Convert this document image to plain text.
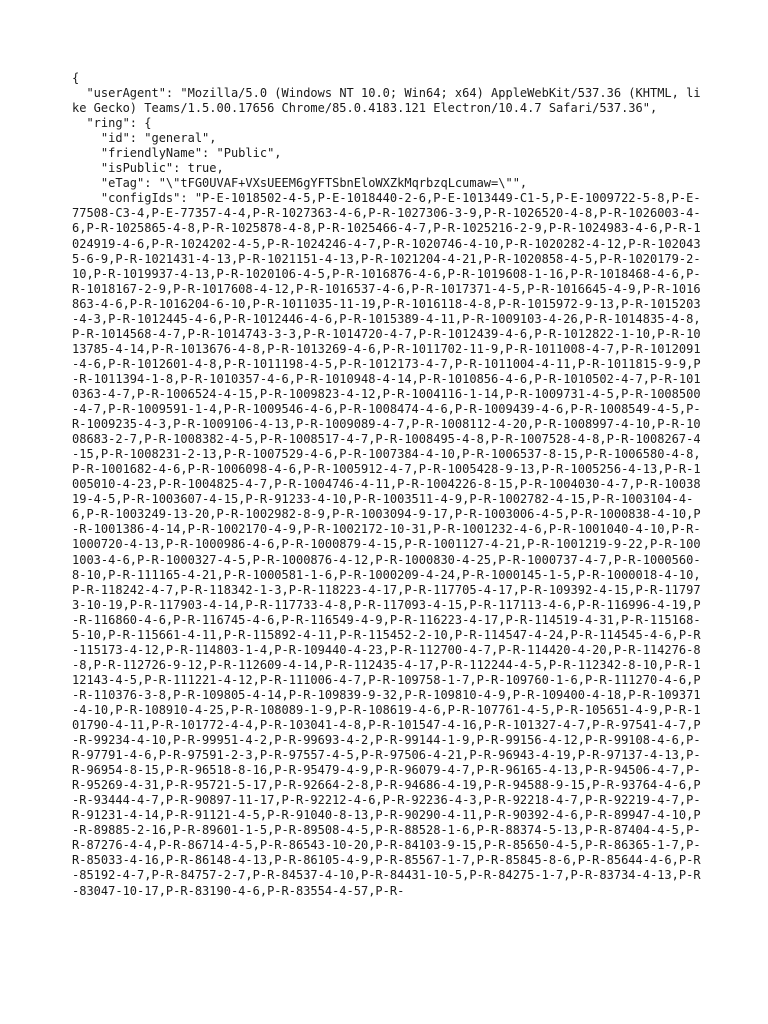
{
"userAgent": "Mozilla/5.0 (Windows NT 10.0; Win64; x64) AppleWebKit/537.36 (KHTML, like Gecko) Teams/1.5.00.17656 Chrome/85.0.4183.121 Electron/10.4.7 Safari/537.36",
"ring": {
"id": "general",
"friendlyName": "Public",
"isPublic": true,
"eTag": "\"tFG0UVAF+VXsUEEM6gYFTSbnEloWXZkMqrbzqLcumaw=\"",
"configIds": "P-E-1018502-4-5,P-E-1018440-2-6,P-E-1013449-C1-5,P-E-1009722-5-8,P-E-77508-C3-4,P-E-77357-4-4,P-R-1027363-4-6,P-R-1027306-3-9,P-R-1026520-4-8,P-R-1026003-4-6,P-R-1025865-4-8,P-R-1025878-4-8,P-R-1025466-4-7,P-R-1025216-2-9,P-R-1024983-4-6,P-R-1024919-4-6,P-R-1024202-4-5,P-R-1024246-4-7,P-R-1020746-4-10,P-R-1020282-4-12,P-R-1020435-6-9,P-R-1021431-4-13,P-R-1021151-4-13,P-R-1021204-4-21,P-R-1020858-4-5,P-R-1020179-2-10,P-R-1019937-4-13,P-R-1020106-4-5,P-R-1016876-4-6,P-R-1019608-1-16,P-R-1018468-4-6,P-R-1018167-2-9,P-R-1017608-4-12,P-R-1016537-4-6,P-R-1017371-4-5,P-R-1016645-4-9,P-R-1016863-4-6,P-R-1016204-6-10,P-R-1011035-11-19,P-R-1016118-4-8,P-R-1015972-9-13,P-R-1015203-4-3,P-R-1012445-4-6,P-R-1012446-4-6,P-R-1015389-4-11,P-R-1009103-4-26,P-R-1014835-4-8,P-R-1014568-4-7,P-R-1014743-3-3,P-R-1014720-4-7,P-R-1012439-4-6,P-R-1012822-1-10,P-R-1013785-4-14,P-R-1013676-4-8,P-R-1013269-4-6,P-R-1011702-11-9,P-R-1011008-4-7,P-R-1012091-4-6,P-R-1012601-4-8,P-R-1011198-4-5,P-R-1012173-4-7,P-R-1011004-4-11,P-R-1011815-9-9,P-R-1011394-1-8,P-R-1010357-4-6,P-R-1010948-4-14,P-R-1010856-4-6,P-R-1010502-4-7,P-R-1010363-4-7,P-R-1006524-4-15,P-R-1009823-4-12,P-R-1004116-1-14,P-R-1009731-4-5,P-R-1008500-4-7,P-R-1009591-1-4,P-R-1009546-4-6,P-R-1008474-4-6,P-R-1009439-4-6,P-R-1008549-4-5,P-R-1009235-4-3,P-R-1009106-4-13,P-R-1009089-4-7,P-R-1008112-4-20,P-R-1008997-4-10,P-R-1008683-2-7,P-R-1008382-4-5,P-R-1008517-4-7,P-R-1008495-4-8,P-R-1007528-4-8,P-R-1008267-4-15,P-R-1008231-2-13,P-R-1007529-4-6,P-R-1007384-4-10,P-R-1006537-8-15,P-R-1006580-4-8,P-R-1001682-4-6,P-R-1006098-4-6,P-R-1005912-4-7,P-R-1005428-9-13,P-R-1005256-4-13,P-R-1005010-4-23,P-R-1004825-4-7,P-R-1004746-4-11,P-R-1004226-8-15,P-R-1004030-4-7,P-R-1003819-4-5,P-R-1003607-4-15,P-R-91233-4-10,P-R-1003511-4-9,P-R-1002782-4-15,P-R-1003104-4-6,P-R-1003249-13-20,P-R-1002982-8-9,P-R-1003094-9-17,P-R-1003006-4-5,P-R-1000838-4-10,P-R-1001386-4-14,P-R-1002170-4-9,P-R-1002172-10-31,P-R-1001232-4-6,P-R-1001040-4-10,P-R-1000720-4-13,P-R-1000986-4-6,P-R-1000879-4-15,P-R-1001127-4-21,P-R-1001219-9-22,P-R-1001003-4-6,P-R-1000327-4-5,P-R-1000876-4-12,P-R-1000830-4-25,P-R-1000737-4-7,P-R-1000560-8-10,P-R-111165-4-21,P-R-1000581-1-6,P-R-1000209-4-24,P-R-1000145-1-5,P-R-1000018-4-10,P-R-118242-4-7,P-R-118342-1-3,P-R-118223-4-17,P-R-117705-4-17,P-R-109392-4-15,P-R-117973-10-19,P-R-117903-4-14,P-R-117733-4-8,P-R-117093-4-15,P-R-117113-4-6,P-R-116996-4-19,P-R-116860-4-6,P-R-116745-4-6,P-R-116549-4-9,P-R-116223-4-17,P-R-114519-4-31,P-R-115168-5-10,P-R-115661-4-11,P-R-115892-4-11,P-R-115452-2-10,P-R-114547-4-24,P-R-114545-4-6,P-R-115173-4-12,P-R-114803-1-4,P-R-109440-4-23,P-R-112700-4-7,P-R-114420-4-20,P-R-114276-8-8,P-R-112726-9-12,P-R-112609-4-14,P-R-112435-4-17,P-R-112244-4-5,P-R-112342-8-10,P-R-112143-4-5,P-R-111221-4-12,P-R-111006-4-7,P-R-109758-1-7,P-R-109760-1-6,P-R-111270-4-6,P-R-110376-3-8,P-R-109805-4-14,P-R-109839-9-32,P-R-109810-4-9,P-R-109400-4-18,P-R-109371-4-10,P-R-108910-4-25,P-R-108089-1-9,P-R-108619-4-6,P-R-107761-4-5,P-R-105651-4-9,P-R-101790-4-11,P-R-101772-4-4,P-R-103041-4-8,P-R-101547-4-16,P-R-101327-4-7,P-R-97541-4-7,P-R-99234-4-10,P-R-99951-4-2,P-R-99693-4-2,P-R-99144-1-9,P-R-99156-4-12,P-R-99108-4-6,P-R-97791-4-6,P-R-97591-2-3,P-R-97557-4-5,P-R-97506-4-21,P-R-96943-4-19,P-R-97137-4-13,P-R-96954-8-15,P-R-96518-8-16,P-R-95479-4-9,P-R-96079-4-7,P-R-96165-4-13,P-R-94506-4-7,P-R-95269-4-31,P-R-95721-5-17,P-R-92664-2-8,P-R-94686-4-19,P-R-94588-9-15,P-R-93764-4-6,P-R-93444-4-7,P-R-90897-11-17,P-R-92212-4-6,P-R-92236-4-3,P-R-92218-4-7,P-R-92219-4-7,P-R-91231-4-14,P-R-91121-4-5,P-R-91040-8-13,P-R-90290-4-11,P-R-90392-4-6,P-R-89947-4-10,P-R-89885-2-16,P-R-89601-1-5,P-R-89508-4-5,P-R-88528-1-6,P-R-88374-5-13,P-R-87404-4-5,P-R-87276-4-4,P-R-86714-4-5,P-R-86543-10-20,P-R-84103-9-15,P-R-85650-4-5,P-R-86365-1-7,P-R-85033-4-16,P-R-86148-4-13,P-R-86105-4-9,P-R-85567-1-7,P-R-85845-8-6,P-R-85644-4-6,P-R-85192-4-7,P-R-84757-2-7,P-R-84537-4-10,P-R-84431-10-5,P-R-84275-1-7,P-R-83734-4-13,P-R-83047-10-17,P-R-83190-4-6,P-R-83554-4-57,P-R-
